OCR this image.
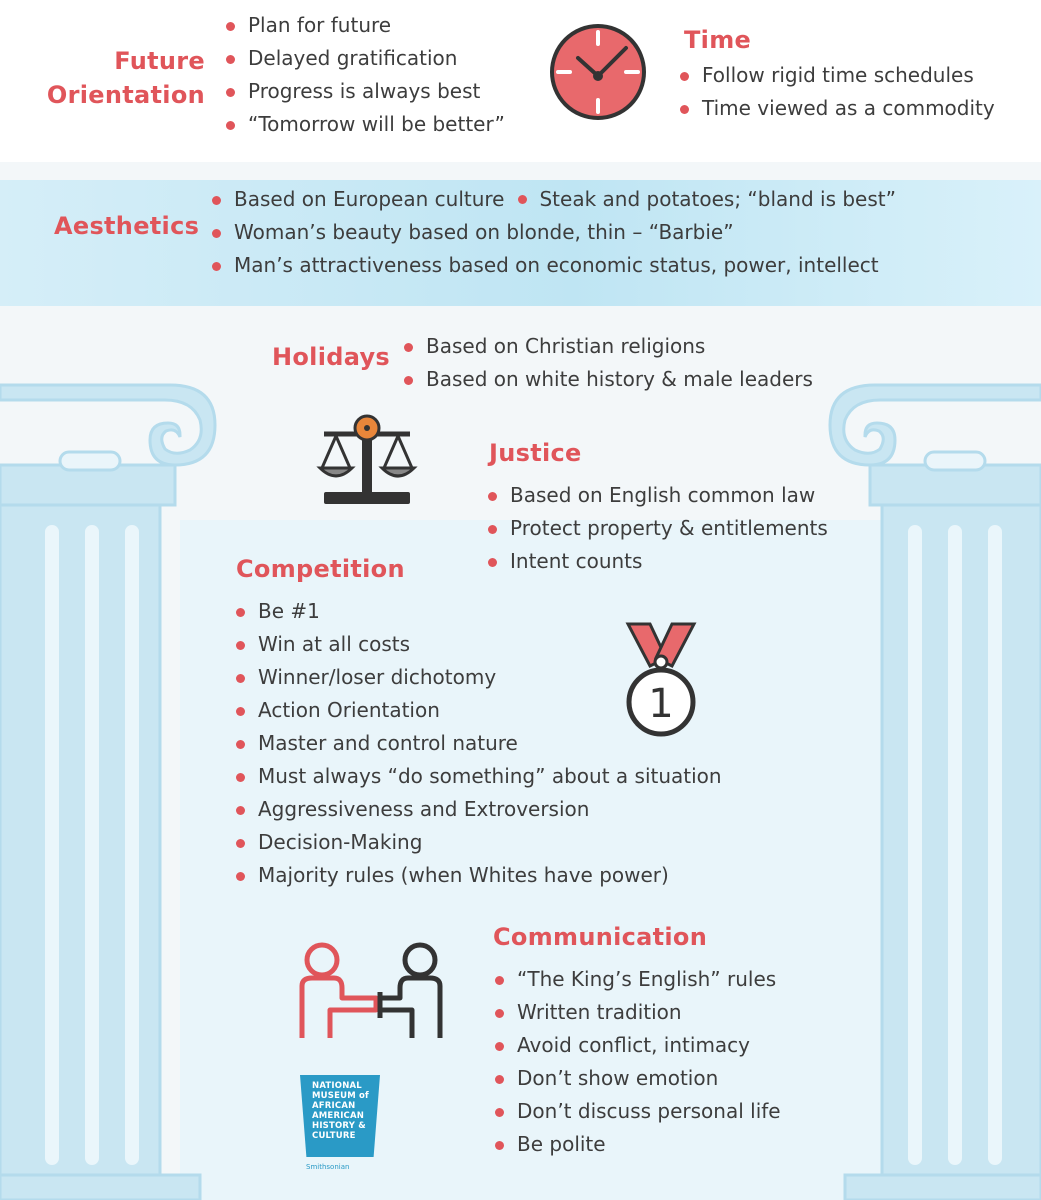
Future
Orientation
Plan for future
Delayed gratification
Progress is always best
“Tomorrow will be better”
Time
Follow rigid time schedules
Time viewed as a commodity
Aesthetics
Based on European culture Steak and potatoes; “bland is best”
Woman’s beauty based on blonde, thin – “Barbie”
Man’s attractiveness based on economic status, power, intellect
Holidays	Based on Christian religions
Based on white history & male leaders
Justice
Based on English common law
Protect property & entitlements
Intent counts
Competition
Be #1
Win at all costs
Winner/loser dichotomy
Action Orientation
Master and control nature
Must always “do something” about a situation
Aggressiveness and Extroversion
Decision-Making
Majority rules (when Whites have power)
1
Communication
“The King’s English” rules
Written tradition
Avoid conflict, intimacy
Don’t show emotion
Don’t discuss personal life
Be polite
NATIONAL
MUSEUM of
AFRICAN
AMERICAN
HISTORY &
CULTURE
Smithsonian
